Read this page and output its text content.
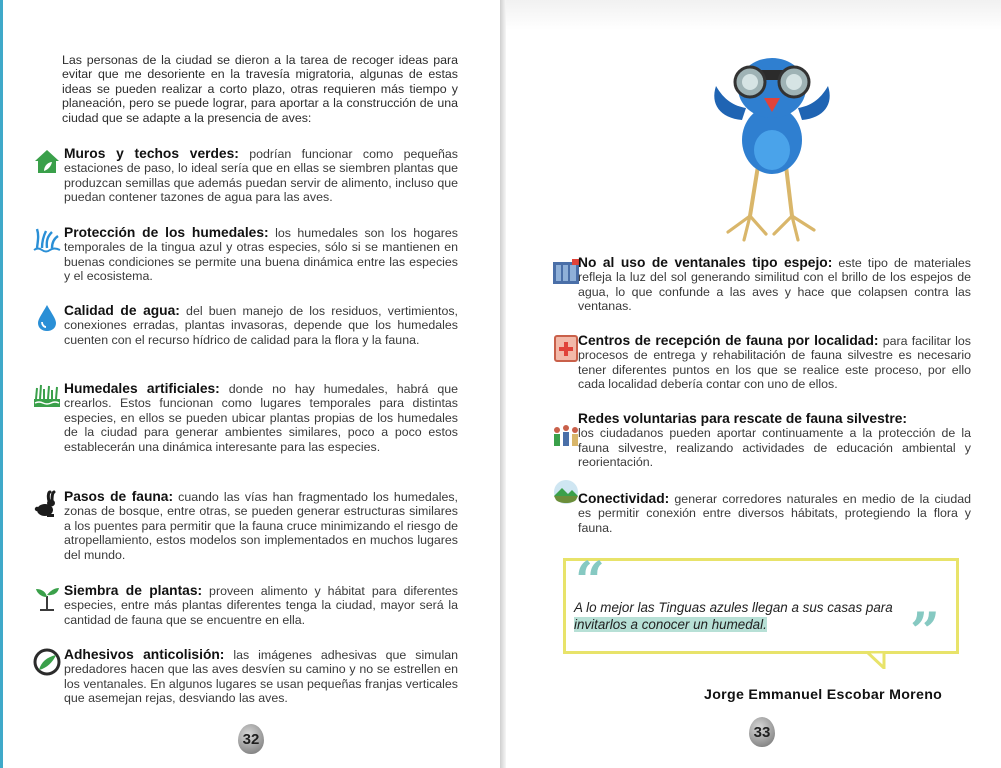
Las personas de la ciudad se dieron a la tarea de recoger ideas para evitar que me desoriente en la travesía migratoria, algunas de estas ideas se pueden realizar a corto plazo, otras requieren más tiempo y planeación, pero se puede lograr, para aportar a la construcción de una ciudad que se adapte a la presencia de aves:
Muros y techos verdes: podrían funcionar como pequeñas estaciones de paso, lo ideal sería que en ellas se siembren plantas que produzcan semillas que además puedan servir de alimento, incluso que puedan contener tazones de agua para las aves.
Protección de los humedales: los humedales son los hogares temporales de la tingua azul y otras especies, sólo si se mantienen en buenas condiciones se permite una buena dinámica entre las especies y el ecosistema.
Calidad de agua: del buen manejo de los residuos, vertimientos, conexiones erradas, plantas invasoras, depende que los humedales cuenten con el recurso hídrico de calidad para la flora y la fauna.
Humedales artificiales: donde no hay humedales, habrá que crearlos. Estos funcionan como lugares temporales para distintas especies, en ellos se pueden ubicar plantas propias de los humedales de la ciudad para generar ambientes similares, poco a poco estos establecerán una dinámica interesante para las especies.
Pasos de fauna: cuando las vías han fragmentado los humedales, zonas de bosque, entre otras, se pueden generar estructuras similares a los puentes para permitir que la fauna cruce minimizando el riesgo de atropellamiento, estos modelos son implementados en muchos lugares del mundo.
Siembra de plantas: proveen alimento y hábitat para diferentes especies, entre más plantas diferentes tenga la ciudad, mayor será la cantidad de fauna que se encuentre en ella.
Adhesivos anticolisión: las imágenes adhesivas que simulan predadores hacen que las aves desvíen su camino y no se estrellen en los ventanales. En algunos lugares se usan pequeñas franjas verticales que asemejan rejas, desviando las aves.
32
No al uso de ventanales tipo espejo: este tipo de materiales refleja la luz del sol generando similitud con el brillo de los espejos de agua, lo que confunde a las aves y hace que colapsen contra las ventanas.
Centros de recepción de fauna por localidad: para facilitar los procesos de entrega y rehabilitación de fauna silvestre es necesario tener diferentes puntos en los que se realice este proceso, por ello cada localidad debería contar con uno de ellos.
Redes voluntarias para rescate de fauna silvestre:
los ciudadanos pueden aportar continuamente a la protección de la fauna silvestre, realizando actividades de educación ambiental y reorientación.
Conectividad: generar corredores naturales en medio de la ciudad es permitir conexión entre diversos hábitats, protegiendo la flora y fauna.
“
”
A lo mejor las Tinguas azules llegan a sus casas para
invitarlos a conocer un humedal.
Jorge Emmanuel Escobar Moreno
33
